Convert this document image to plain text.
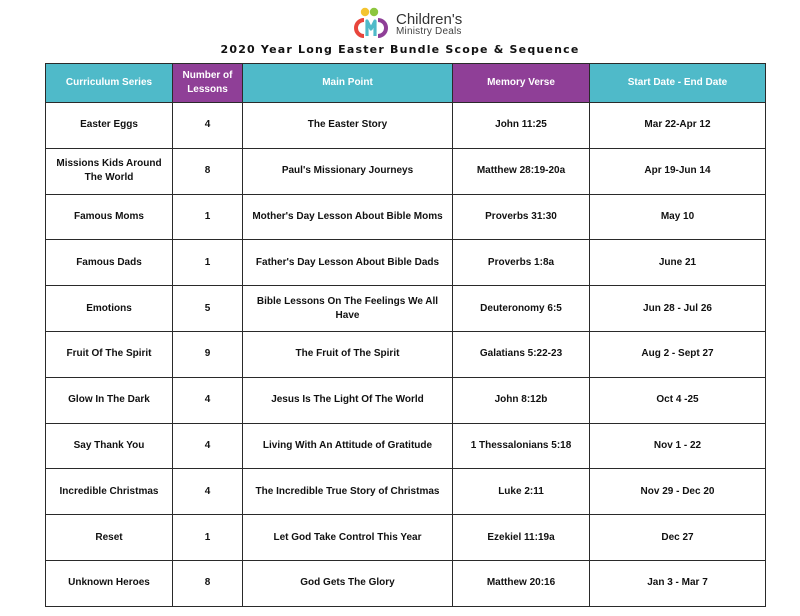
Children's
Ministry Deals
2020 Year Long Easter Bundle Scope & Sequence
Curriculum Series	Number of Lessons	Main Point	Memory Verse	Start Date - End Date
Easter Eggs	4	The Easter Story	John 11:25	Mar 22-Apr 12
Missions Kids Around The World	8	Paul's Missionary Journeys	Matthew 28:19-20a	Apr 19-Jun 14
Famous Moms	1	Mother's Day Lesson About Bible Moms	Proverbs 31:30	May 10
Famous Dads	1	Father's Day Lesson About Bible Dads	Proverbs 1:8a	June 21
Emotions	5	Bible Lessons On The Feelings We All Have	Deuteronomy 6:5	Jun 28 - Jul 26
Fruit Of The Spirit	9	The Fruit of The Spirit	Galatians 5:22-23	Aug 2 - Sept 27
Glow In The Dark	4	Jesus Is The Light Of The World	John 8:12b	Oct 4 -25
Say Thank You	4	Living With An Attitude of Gratitude	1 Thessalonians 5:18	Nov 1 - 22
Incredible Christmas	4	The Incredible True Story of Christmas	Luke 2:11	Nov 29 - Dec 20
Reset	1	Let God Take Control This Year	Ezekiel 11:19a	Dec 27
Unknown Heroes	8	God Gets The Glory	Matthew 20:16	Jan 3 - Mar 7
